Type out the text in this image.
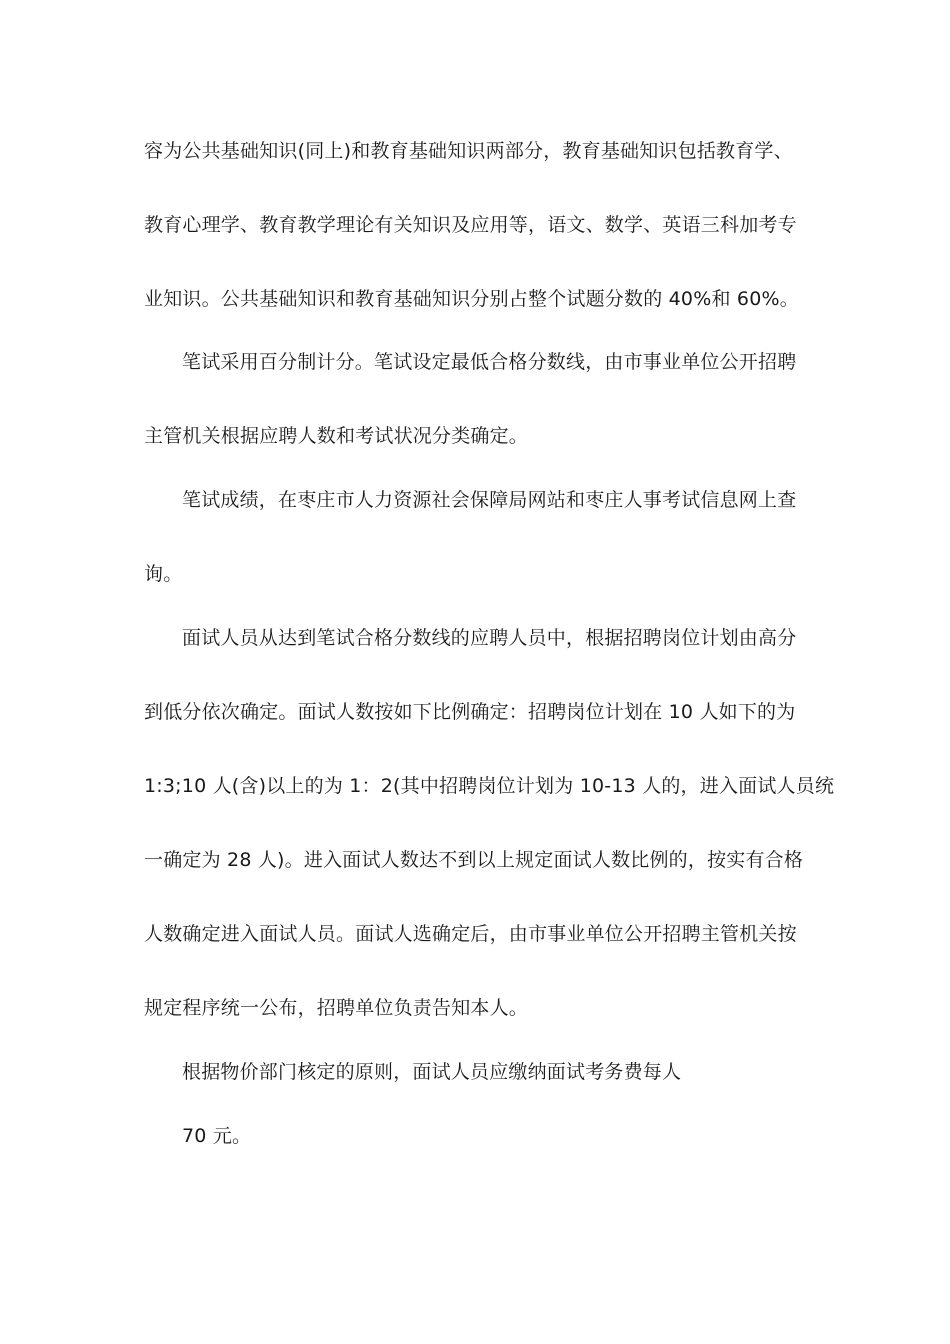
容为公共基础知识(同上)和教育基础知识两部分，教育基础知识包括教育学、
教育心理学、教育教学理论有关知识及应用等，语文、数学、英语三科加考专
业知识。公共基础知识和教育基础知识分别占整个试题分数的 40%和 60%。
笔试采用百分制计分。笔试设定最低合格分数线，由市事业单位公开招聘
主管机关根据应聘人数和考试状况分类确定。
笔试成绩，在枣庄市人力资源社会保障局网站和枣庄人事考试信息网上查
询。
面试人员从达到笔试合格分数线的应聘人员中，根据招聘岗位计划由高分
到低分依次确定。面试人数按如下比例确定：招聘岗位计划在 10 人如下的为
1:3;10 人(含)以上的为 1：2(其中招聘岗位计划为 10-13 人的，进入面试人员统
一确定为 28 人)。进入面试人数达不到以上规定面试人数比例的，按实有合格
人数确定进入面试人员。面试人选确定后，由市事业单位公开招聘主管机关按
规定程序统一公布，招聘单位负责告知本人。
根据物价部门核定的原则，面试人员应缴纳面试考务费每人
70 元。
